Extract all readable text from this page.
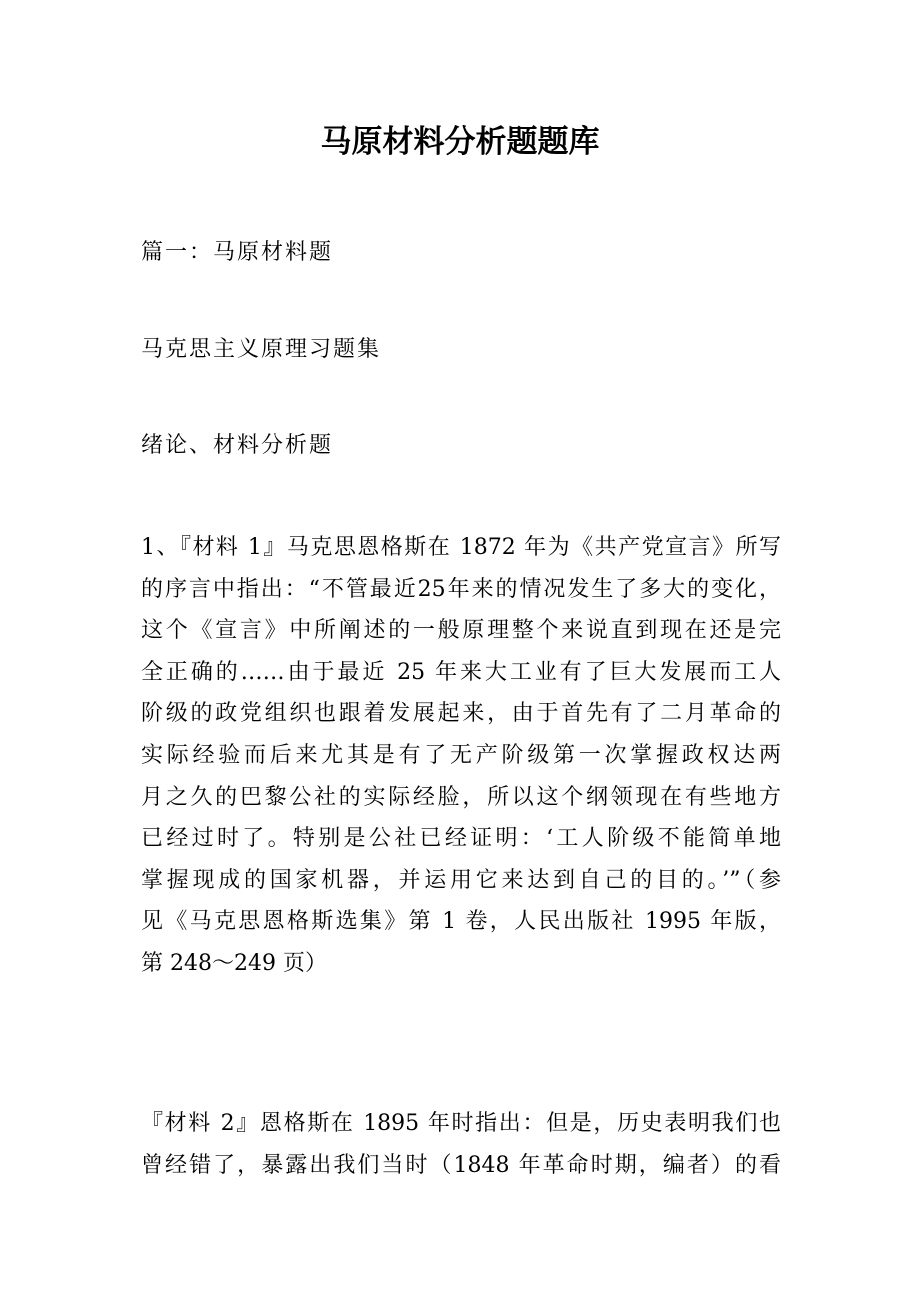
马原材料分析题题库

篇一：马原材料题

马克思主义原理习题集

绪论、材料分析题

1、『材料 1』马克思恩格斯在 1872 年为《共产党宣言》所写
的序言中指出：“不管最近25年来的情况发生了多大的变化，
这个《宣言》中所阐述的一般原理整个来说直到现在还是完
全正确的……由于最近 25 年来大工业有了巨大发展而工人
阶级的政党组织也跟着发展起来，由于首先有了二月革命的
实际经验而后来尤其是有了无产阶级第一次掌握政权达两
月之久的巴黎公社的实际经脸，所以这个纲领现在有些地方
已经过时了。特别是公社已经证明：‘工人阶级不能简单地
掌握现成的国家机器，并运用它来达到自己的目的。’”（参
见《马克思恩格斯选集》第 1 卷，人民出版社 1995 年版，
第 248～249 页）
『材料 2』恩格斯在 1895 年时指出：但是，历史表明我们也
曾经错了，暴露出我们当时（1848 年革命时期，编者）的看
